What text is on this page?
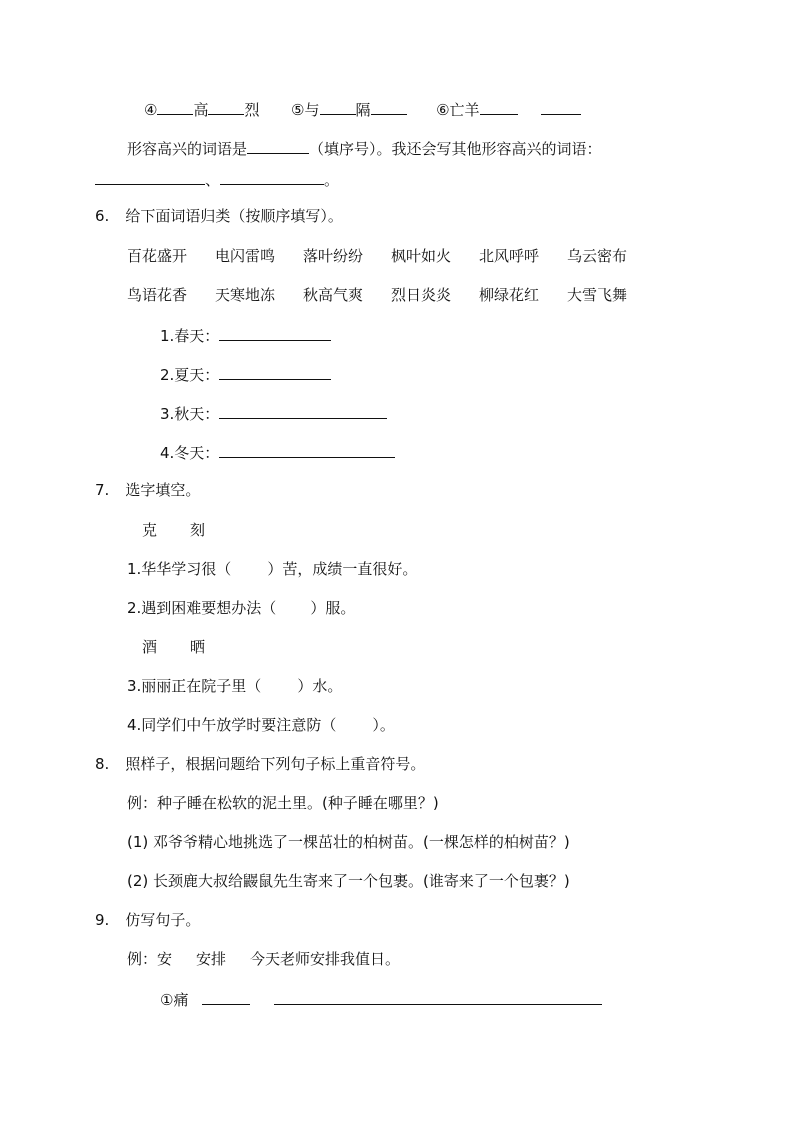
④ 高 烈 ⑤与 隔	⑥亡羊
形容高兴的词语是	（填序号）。我还会写其他形容高兴的词语：
、	。
6. 给下面词语归类（按顺序填写）。
百花盛开 电闪雷鸣 落叶纷纷 枫叶如火 北风呼呼 乌云密布
鸟语花香 天寒地冻 秋高气爽 烈日炎炎 柳绿花红 大雪飞舞
1.春天：
2.夏天：
3.秋天：
4.冬天：
7. 选字填空。
克 刻
1.华华学习很（ ）苦，成绩一直很好。
2.遇到困难要想办法（ ）服。
酒 晒
3.丽丽正在院子里（ ）水。
4.同学们中午放学时要注意防（ ）。
8. 照样子，根据问题给下列句子标上重音符号。
例：种子睡在松软的泥土里。(种子睡在哪里？)
(1) 邓爷爷精心地挑选了一棵茁壮的柏树苗。(一棵怎样的柏树苗？)
(2) 长颈鹿大叔给鼹鼠先生寄来了一个包裹。(谁寄来了一个包裹？)
9. 仿写句子。
例：安 安排 今天老师安排我值日。
①痛
